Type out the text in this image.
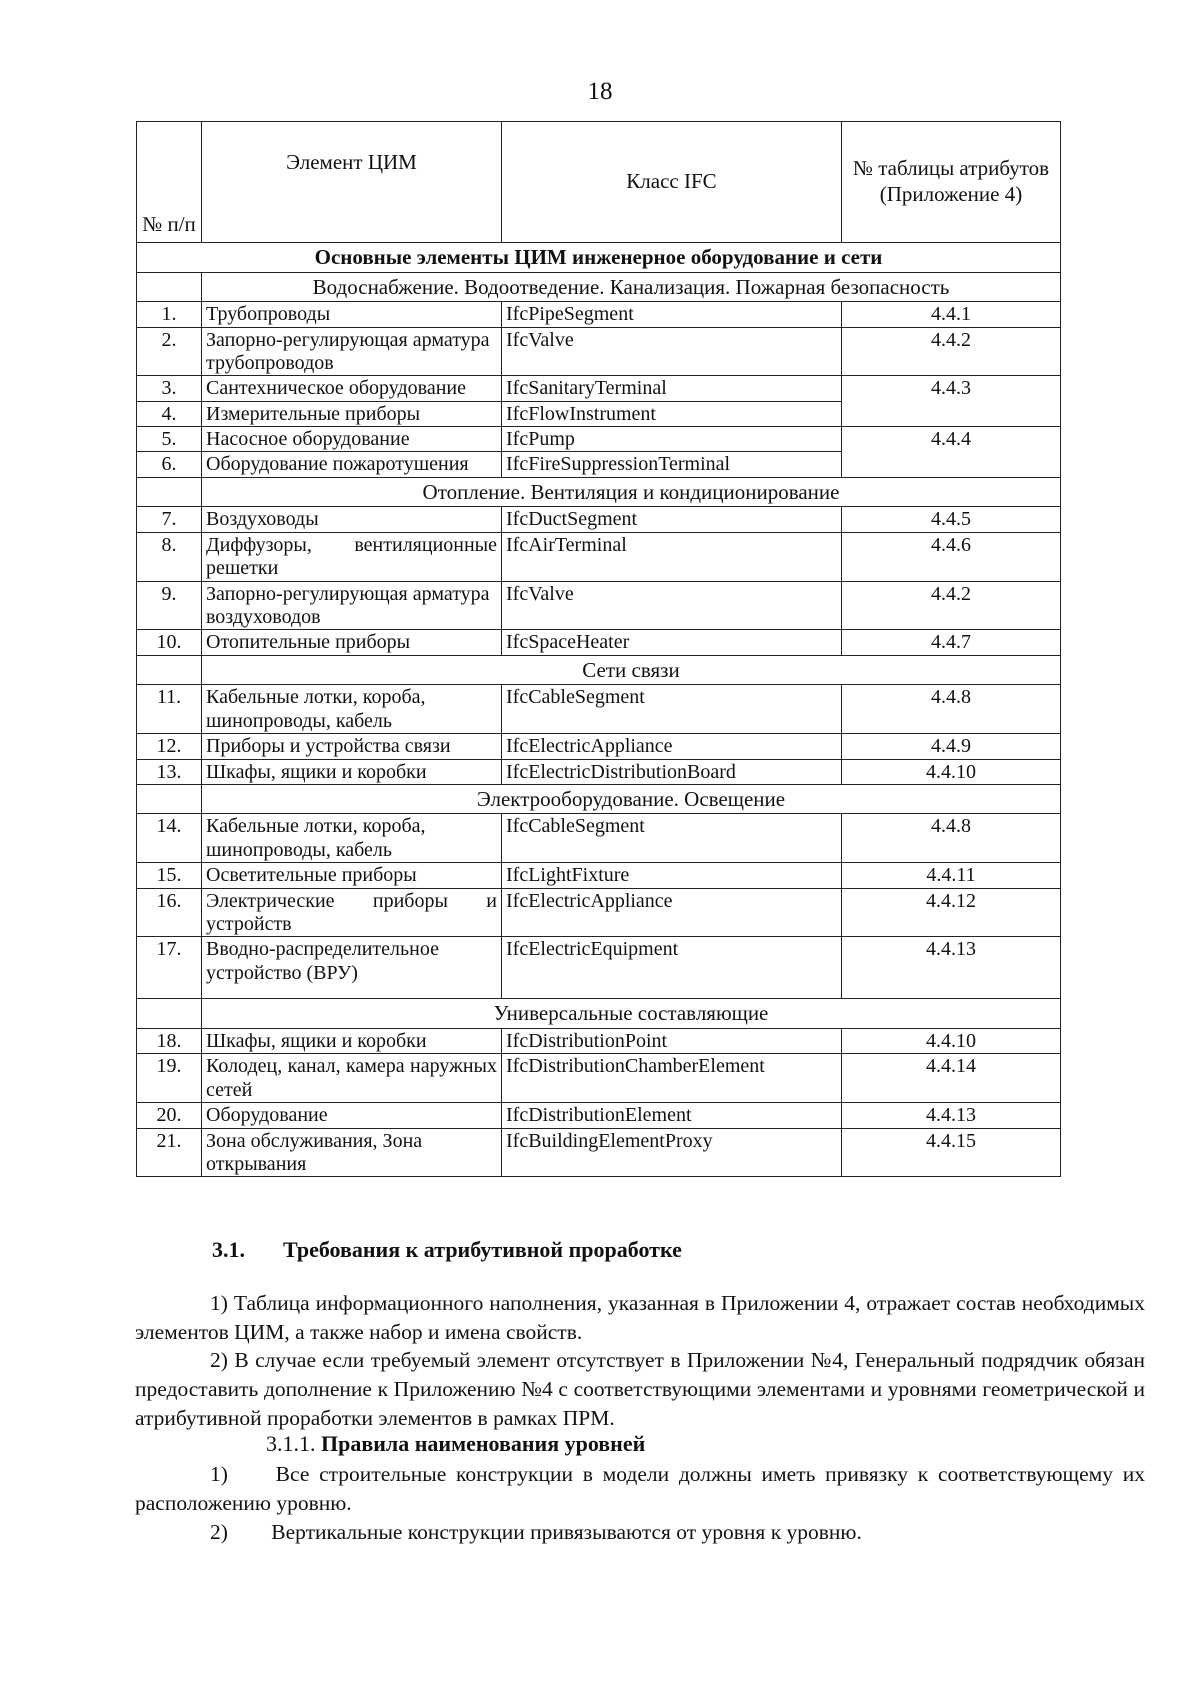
18
№ п/п	Элемент ЦИМ	Класс IFC	№ таблицы атрибутов (Приложение 4)
Основные элементы ЦИМ инженерное оборудование и сети			
	Водоснабжение. Водоотведение. Канализация. Пожарная безопасность		
1.	Трубопроводы	IfcPipeSegment	4.4.1
2.	Запорно-регулирующая арматура трубопроводов	IfcValve	4.4.2
3.	Сантехническое оборудование	IfcSanitaryTerminal	4.4.3
4.	Измерительные приборы	IfcFlowInstrument	
5.	Насосное оборудование	IfcPump	4.4.4
6.	Оборудование пожаротушения	IfcFireSuppressionTerminal	
	Отопление. Вентиляция и кондиционирование		
7.	Воздуховоды	IfcDuctSegment	4.4.5
8.	Диффузоры, вентиляционные решетки	IfcAirTerminal	4.4.6
9.	Запорно-регулирующая арматура воздуховодов	IfcValve	4.4.2
10.	Отопительные приборы	IfcSpaceHeater	4.4.7
	Сети связи		
11.	Кабельные лотки, короба, шинопроводы, кабель	IfcCableSegment	4.4.8
12.	Приборы и устройства связи	IfcElectricAppliance	4.4.9
13.	Шкафы, ящики и коробки	IfcElectricDistributionBoard	4.4.10
	Электрооборудование. Освещение		
14.	Кабельные лотки, короба, шинопроводы, кабель	IfcCableSegment	4.4.8
15.	Осветительные приборы	IfcLightFixture	4.4.11
16.	Электрические приборы и устройств	IfcElectricAppliance	4.4.12
17.	Вводно-распределительное устройство (ВРУ)	IfcElectricEquipment	4.4.13
	Универсальные составляющие		
18.	Шкафы, ящики и коробки	IfcDistributionPoint	4.4.10
19.	Колодец, канал, камера наружных сетей	IfcDistributionChamberElement	4.4.14
20.	Оборудование	IfcDistributionElement	4.4.13
21.	Зона обслуживания, Зона открывания	IfcBuildingElementProxy	4.4.15
3.1. Требования к атрибутивной проработке
1) Таблица информационного наполнения, указанная в Приложении 4, отражает состав необходимых элементов ЦИМ, а также набор и имена свойств.
2) В случае если требуемый элемент отсутствует в Приложении №4, Генеральный подрядчик обязан предоставить дополнение к Приложению №4 с соответствующими элементами и уровнями геометрической и атрибутивной проработки элементов в рамках ПРМ.
3.1.1. Правила наименования уровней
1) Все строительные конструкции в модели должны иметь привязку к соответствующему их расположению уровню.
2) Вертикальные конструкции привязываются от уровня к уровню.
